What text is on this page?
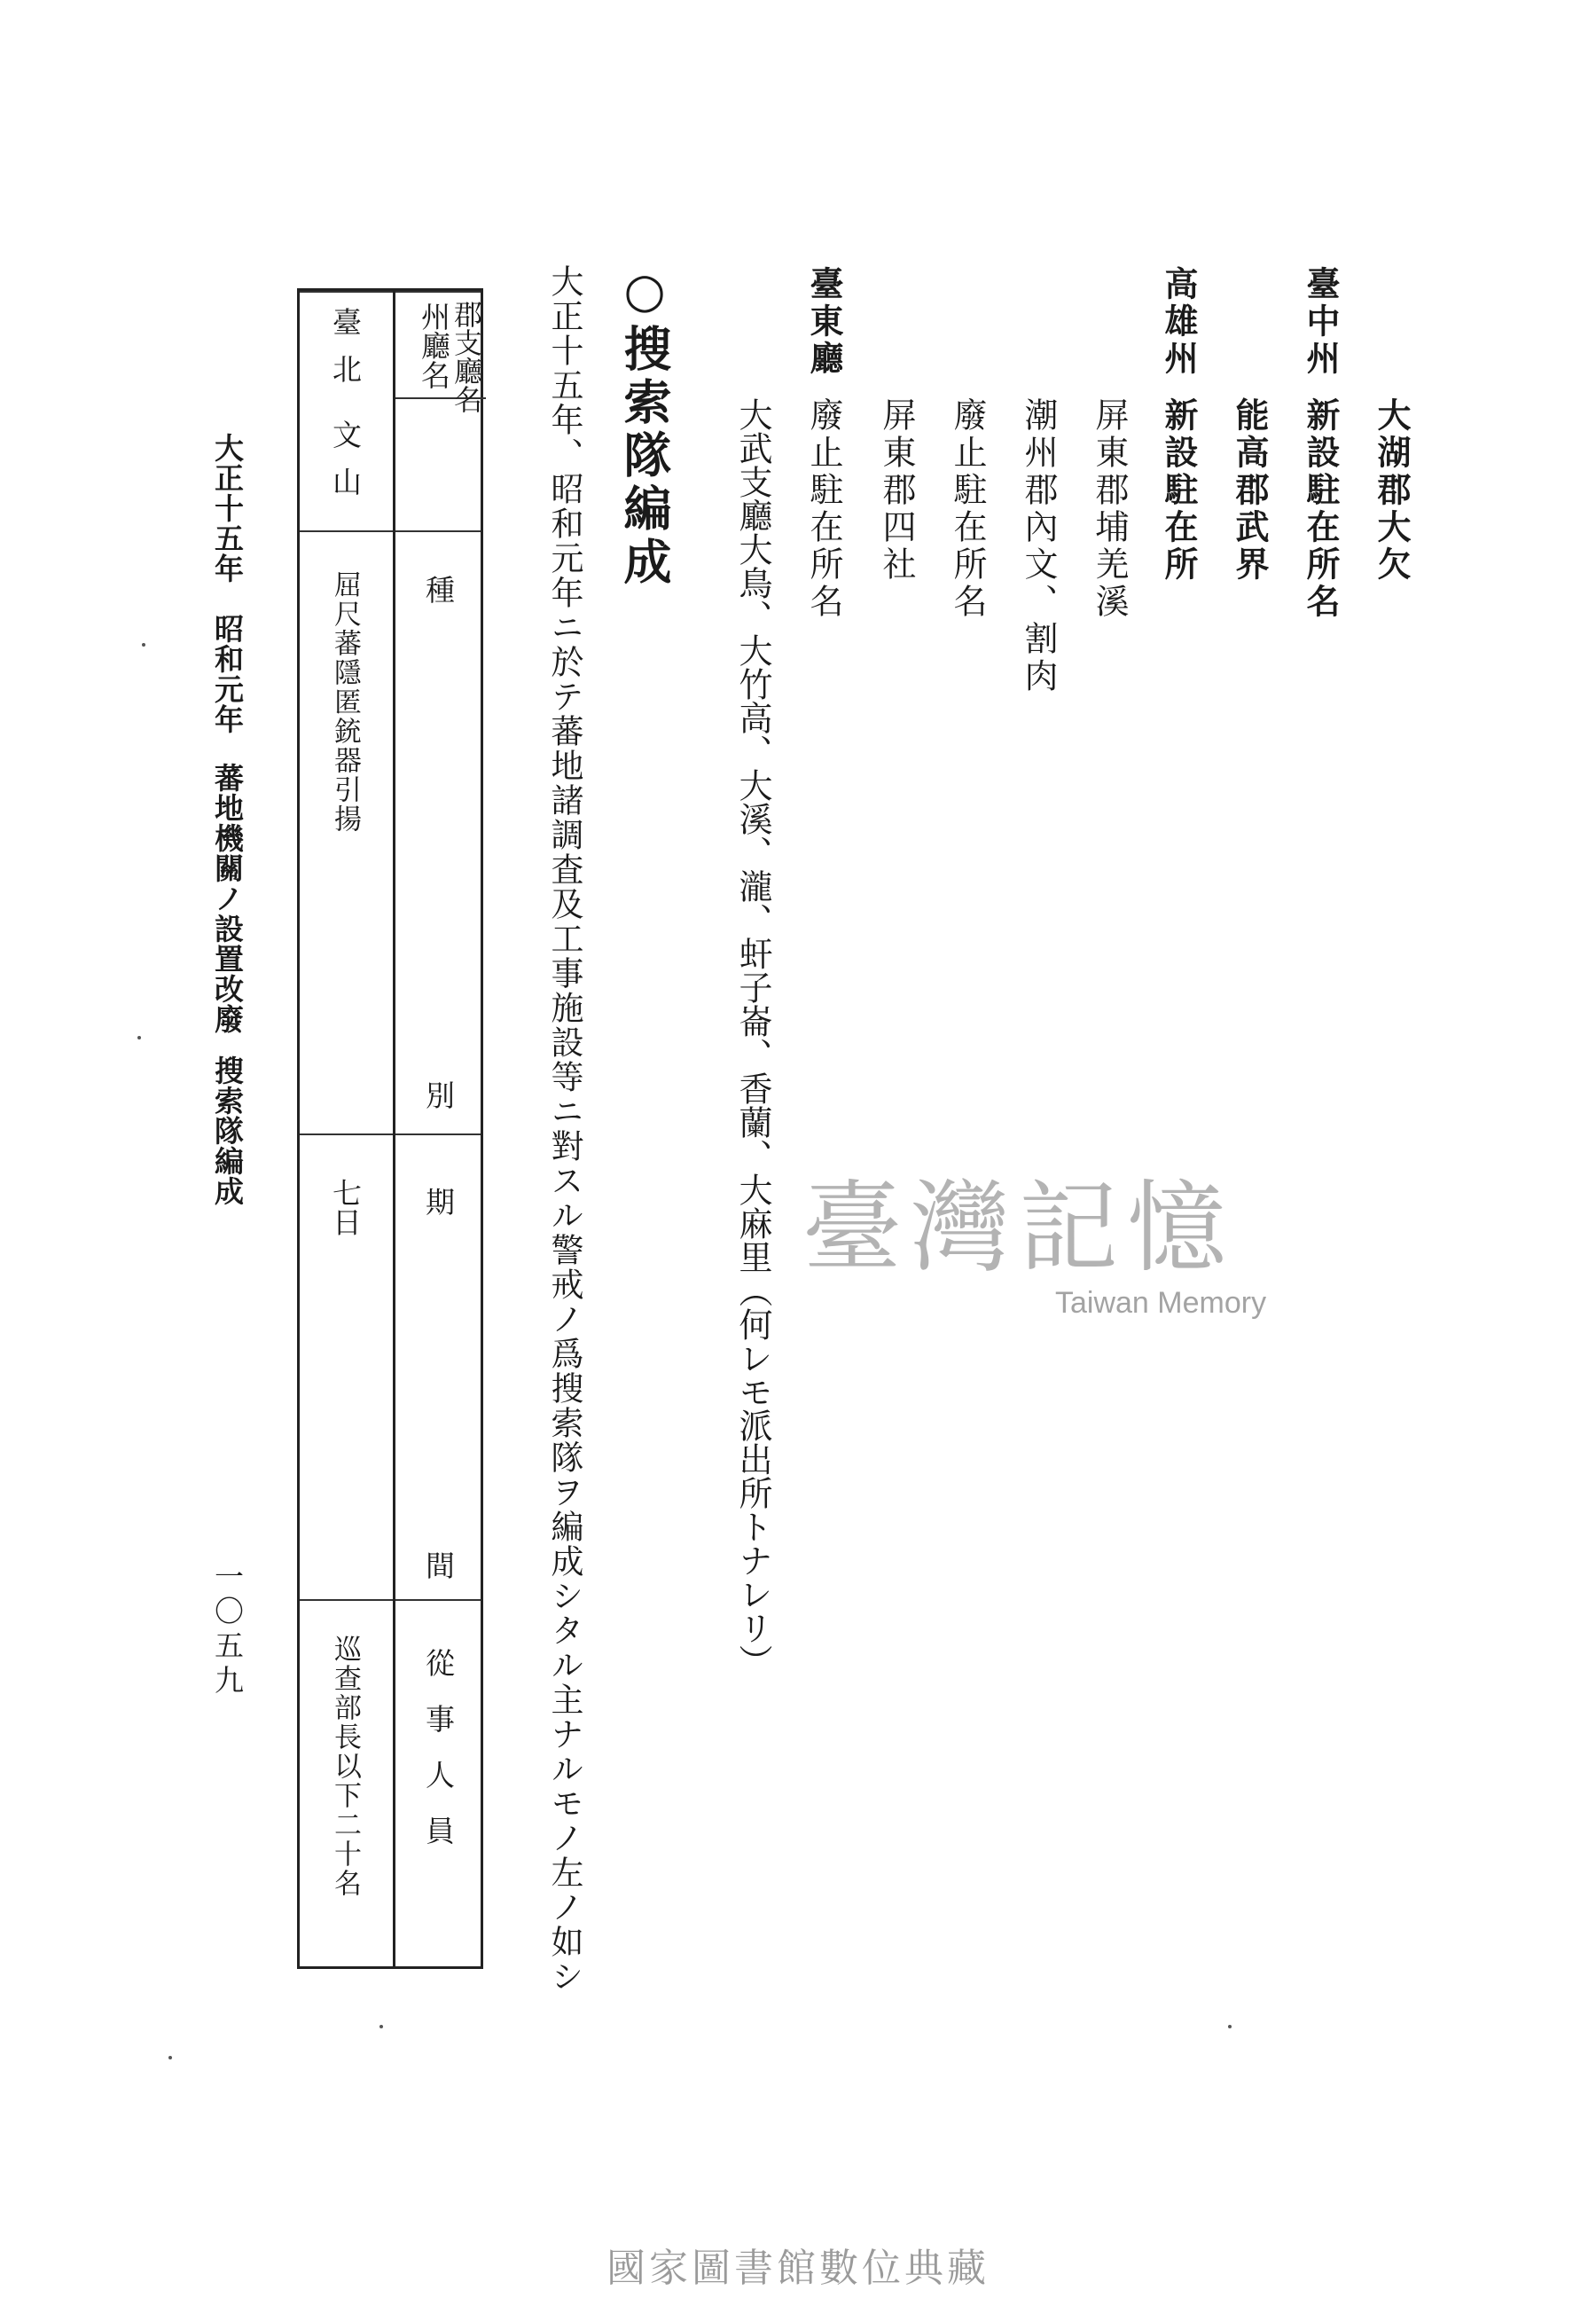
大湖郡大欠
臺中州
新設駐在所名
能高郡武界
高雄州
新設駐在所
屏東郡埔羌溪
潮州郡內文、割肉
廢止駐在所名
屏東郡四社
臺東廳
廢止駐在所名
大武支廳大鳥、大竹高、大溪、瀧、虷子崙、香蘭、大麻里（何レモ派出所トナレリ）
○搜索隊編成
大正十五年、昭和元年ニ於テ蕃地諸調査及工事施設等ニ對スル警戒ノ爲搜索隊ヲ編成シタル主ナルモノ左ノ如シ
州廳名
郡支廳名
種
別
期
間
從事人員
臺北
文山
屈尺蕃隱匿銃器引揚
七日
巡查部長以下二十名
大正十五年　昭和元年
蕃地機關ノ設置改廢
搜索隊編成
一〇五九
臺灣記憶
Taiwan Memory
國家圖書館數位典藏
